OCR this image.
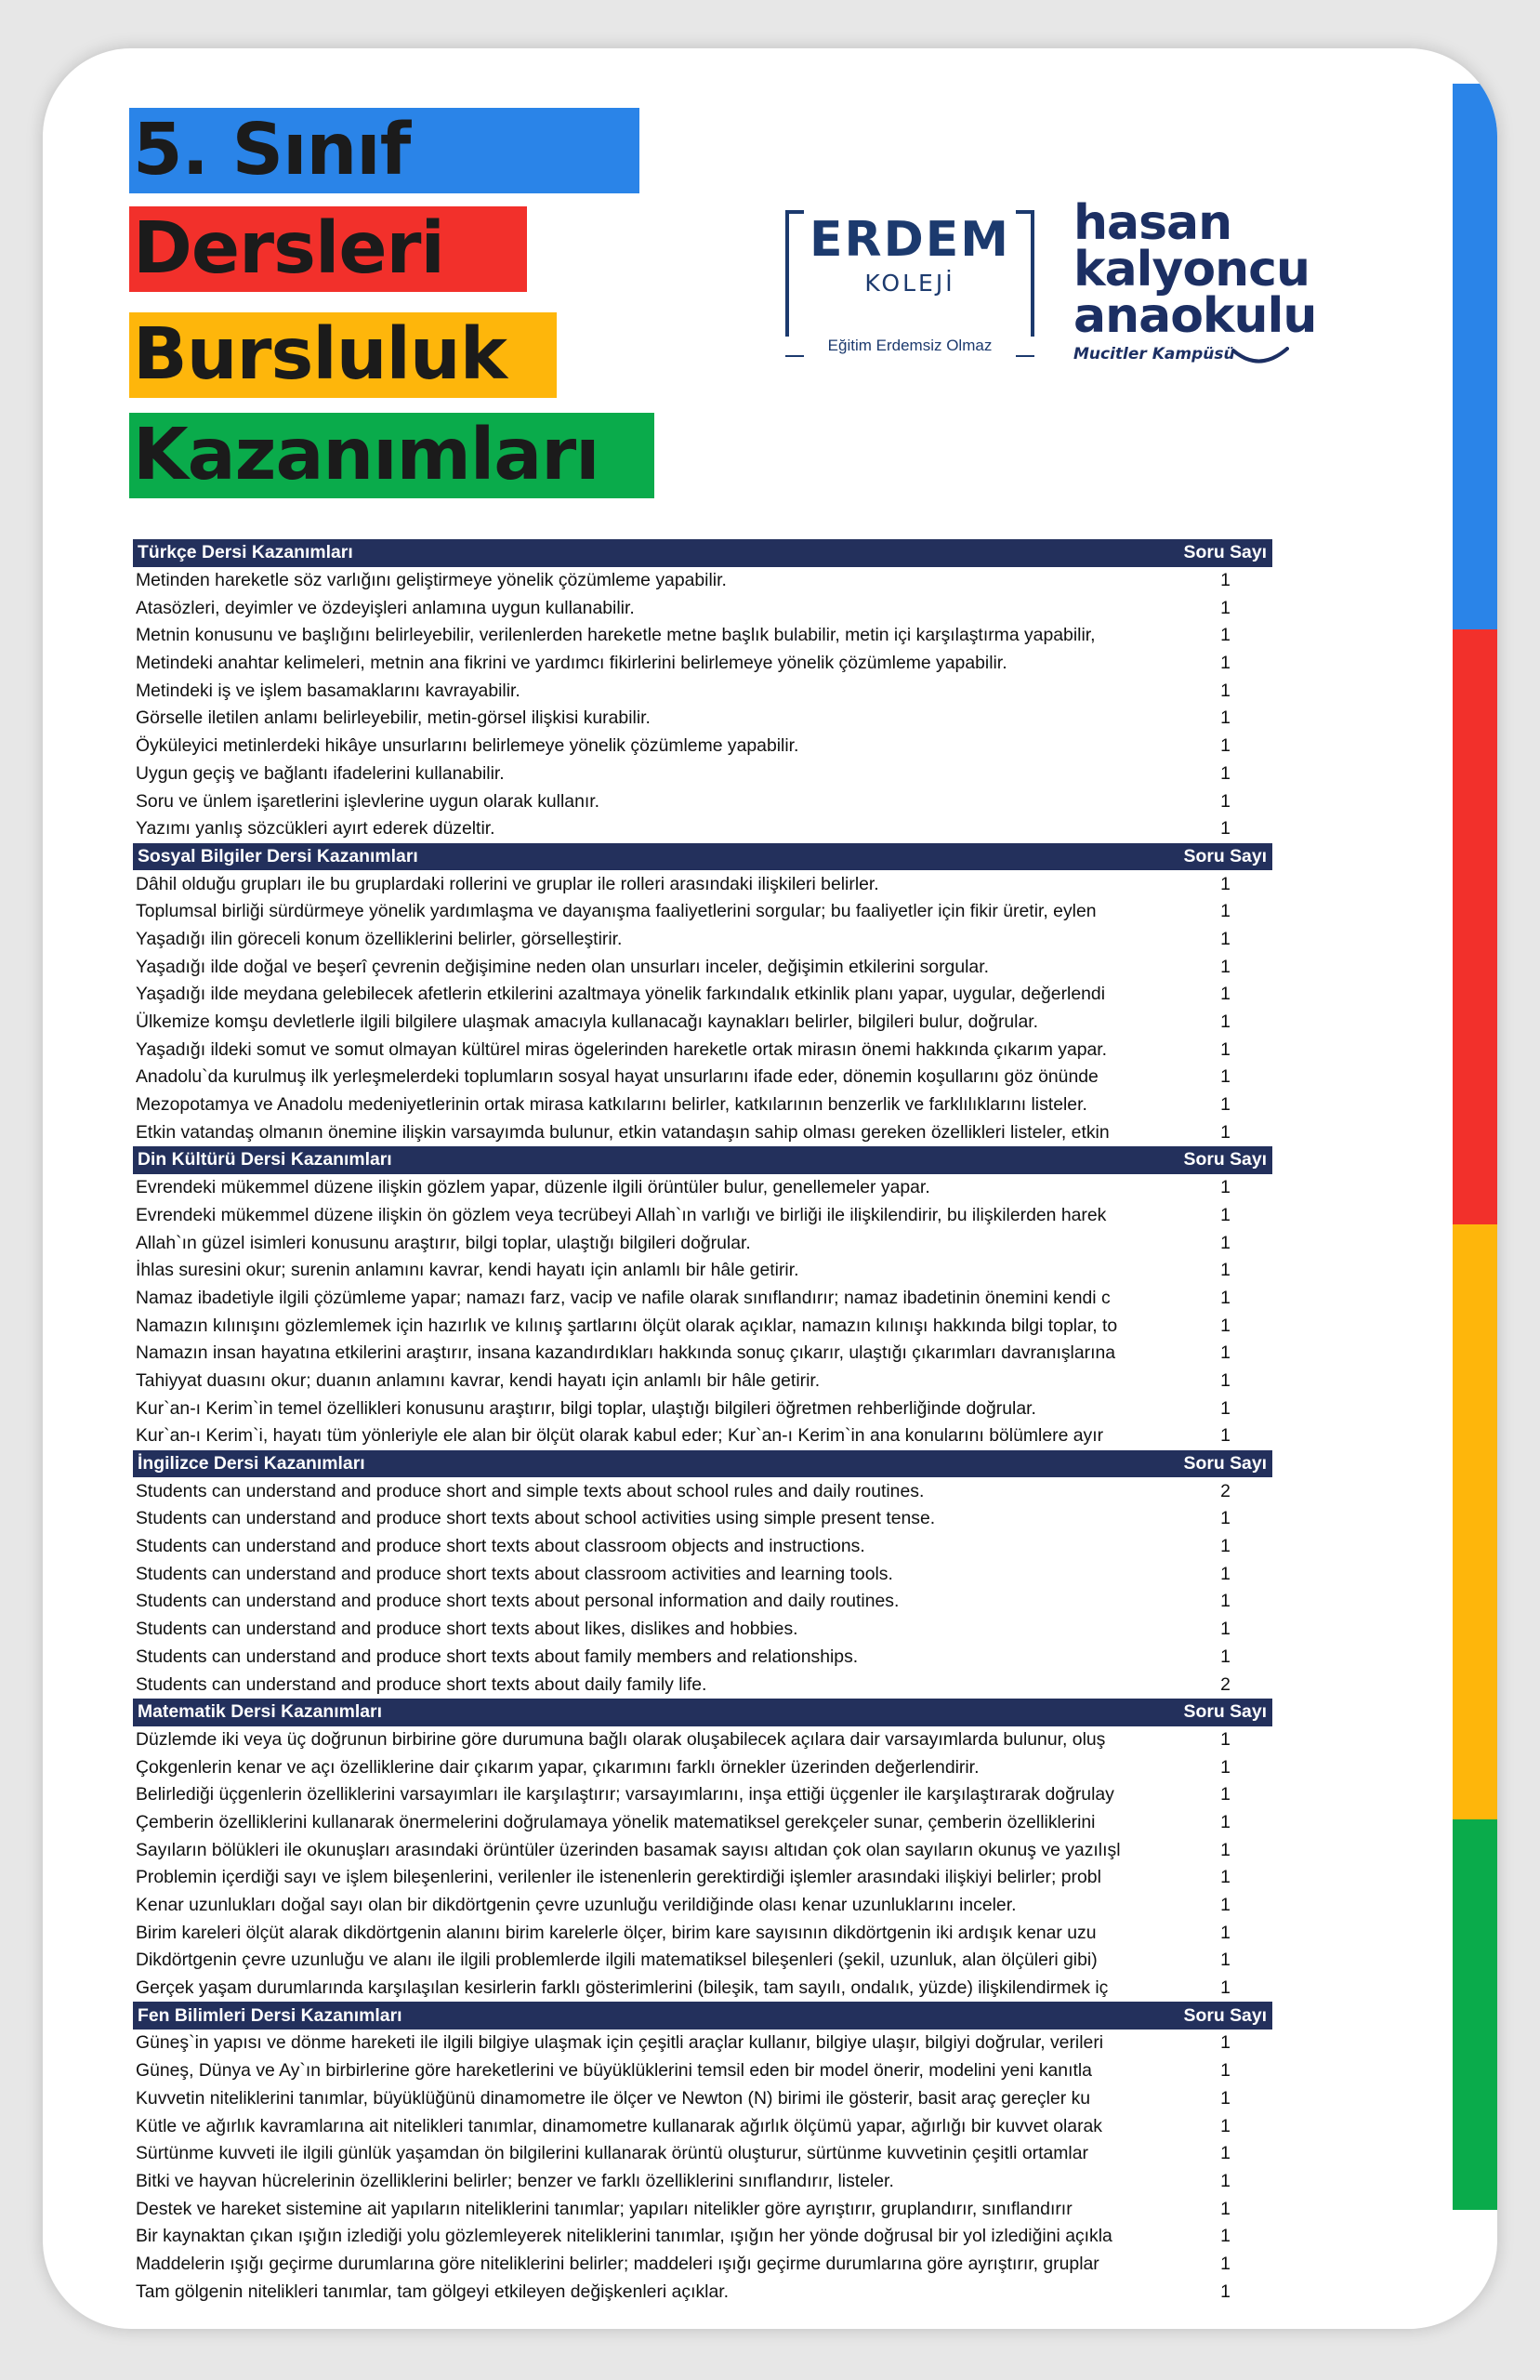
5. Sınıf
Dersleri
Bursluluk
Kazanımları
ERDEM
KOLEJİ
Eğitim Erdemsiz Olmaz
hasan
kalyoncu
anaokulu
Mucitler Kampüsü
Türkçe Dersi Kazanımları	Soru Sayı
Metinden hareketle söz varlığını geliştirmeye yönelik çözümleme yapabilir.	1
Atasözleri, deyimler ve özdeyişleri anlamına uygun kullanabilir.	1
Metnin konusunu ve başlığını belirleyebilir, verilenlerden hareketle metne başlık bulabilir, metin içi karşılaştırma yapabilir,	1
Metindeki anahtar kelimeleri, metnin ana fikrini ve yardımcı fikirlerini belirlemeye yönelik çözümleme yapabilir.	1
Metindeki iş ve işlem basamaklarını kavrayabilir.	1
Görselle iletilen anlamı belirleyebilir, metin-görsel ilişkisi kurabilir.	1
Öyküleyici metinlerdeki hikâye unsurlarını belirlemeye yönelik çözümleme yapabilir.	1
Uygun geçiş ve bağlantı ifadelerini kullanabilir.	1
Soru ve ünlem işaretlerini işlevlerine uygun olarak kullanır.	1
Yazımı yanlış sözcükleri ayırt ederek düzeltir.	1
Sosyal Bilgiler Dersi Kazanımları	Soru Sayı
Dâhil olduğu grupları ile bu gruplardaki rollerini ve gruplar ile rolleri arasındaki ilişkileri belirler.	1
Toplumsal birliği sürdürmeye yönelik yardımlaşma ve dayanışma faaliyetlerini sorgular; bu faaliyetler için fikir üretir, eylen	1
Yaşadığı ilin göreceli konum özelliklerini belirler, görselleştirir.	1
Yaşadığı ilde doğal ve beşerî çevrenin değişimine neden olan unsurları inceler, değişimin etkilerini sorgular.	1
Yaşadığı ilde meydana gelebilecek afetlerin etkilerini azaltmaya yönelik farkındalık etkinlik planı yapar, uygular, değerlendi	1
Ülkemize komşu devletlerle ilgili bilgilere ulaşmak amacıyla kullanacağı kaynakları belirler, bilgileri bulur, doğrular.	1
Yaşadığı ildeki somut ve somut olmayan kültürel miras ögelerinden hareketle ortak mirasın önemi hakkında çıkarım yapar.	1
Anadolu`da kurulmuş ilk yerleşmelerdeki toplumların sosyal hayat unsurlarını ifade eder, dönemin koşullarını göz önünde	1
Mezopotamya ve Anadolu medeniyetlerinin ortak mirasa katkılarını belirler, katkılarının benzerlik ve farklılıklarını listeler.	1
Etkin vatandaş olmanın önemine ilişkin varsayımda bulunur, etkin vatandaşın sahip olması gereken özellikleri listeler, etkin	1
Din Kültürü Dersi Kazanımları	Soru Sayı
Evrendeki mükemmel düzene ilişkin gözlem yapar, düzenle ilgili örüntüler bulur, genellemeler yapar.	1
Evrendeki mükemmel düzene ilişkin ön gözlem veya tecrübeyi Allah`ın varlığı ve birliği ile ilişkilendirir, bu ilişkilerden harek	1
Allah`ın güzel isimleri konusunu araştırır, bilgi toplar, ulaştığı bilgileri doğrular.	1
İhlas suresini okur; surenin anlamını kavrar, kendi hayatı için anlamlı bir hâle getirir.	1
Namaz ibadetiyle ilgili çözümleme yapar; namazı farz, vacip ve nafile olarak sınıflandırır; namaz ibadetinin önemini kendi c	1
Namazın kılınışını gözlemlemek için hazırlık ve kılınış şartlarını ölçüt olarak açıklar, namazın kılınışı hakkında bilgi toplar, to	1
Namazın insan hayatına etkilerini araştırır, insana kazandırdıkları hakkında sonuç çıkarır, ulaştığı çıkarımları davranışlarına	1
Tahiyyat duasını okur; duanın anlamını kavrar, kendi hayatı için anlamlı bir hâle getirir.	1
Kur`an-ı Kerim`in temel özellikleri konusunu araştırır, bilgi toplar, ulaştığı bilgileri öğretmen rehberliğinde doğrular.	1
Kur`an-ı Kerim`i, hayatı tüm yönleriyle ele alan bir ölçüt olarak kabul eder; Kur`an-ı Kerim`in ana konularını bölümlere ayır	1
İngilizce Dersi Kazanımları	Soru Sayı
Students can understand and produce short and simple texts about school rules and daily routines.	2
Students can understand and produce short texts about school activities using simple present tense.	1
Students can understand and produce short texts about classroom objects and instructions.	1
Students can understand and produce short texts about classroom activities and learning tools.	1
Students can understand and produce short texts about personal information and daily routines.	1
Students can understand and produce short texts about likes, dislikes and hobbies.	1
Students can understand and produce short texts about family members and relationships.	1
Students can understand and produce short texts about daily family life.	2
Matematik Dersi Kazanımları	Soru Sayı
Düzlemde iki veya üç doğrunun birbirine göre durumuna bağlı olarak oluşabilecek açılara dair varsayımlarda bulunur, oluş	1
Çokgenlerin kenar ve açı özelliklerine dair çıkarım yapar, çıkarımını farklı örnekler üzerinden değerlendirir.	1
Belirlediği üçgenlerin özelliklerini varsayımları ile karşılaştırır; varsayımlarını, inşa ettiği üçgenler ile karşılaştırarak doğrulay	1
Çemberin özelliklerini kullanarak önermelerini doğrulamaya yönelik matematiksel gerekçeler sunar, çemberin özelliklerini	1
Sayıların bölükleri ile okunuşları arasındaki örüntüler üzerinden basamak sayısı altıdan çok olan sayıların okunuş ve yazılışl	1
Problemin içerdiği sayı ve işlem bileşenlerini, verilenler ile istenenlerin gerektirdiği işlemler arasındaki ilişkiyi belirler; probl	1
Kenar uzunlukları doğal sayı olan bir dikdörtgenin çevre uzunluğu verildiğinde olası kenar uzunluklarını inceler.	1
Birim kareleri ölçüt alarak dikdörtgenin alanını birim karelerle ölçer, birim kare sayısının dikdörtgenin iki ardışık kenar uzu	1
Dikdörtgenin çevre uzunluğu ve alanı ile ilgili problemlerde ilgili matematiksel bileşenleri (şekil, uzunluk, alan ölçüleri gibi)	1
Gerçek yaşam durumlarında karşılaşılan kesirlerin farklı gösterimlerini (bileşik, tam sayılı, ondalık, yüzde) ilişkilendirmek iç	1
Fen Bilimleri Dersi Kazanımları	Soru Sayı
Güneş`in yapısı ve dönme hareketi ile ilgili bilgiye ulaşmak için çeşitli araçlar kullanır, bilgiye ulaşır, bilgiyi doğrular, verileri	1
Güneş, Dünya ve Ay`ın birbirlerine göre hareketlerini ve büyüklüklerini temsil eden bir model önerir, modelini yeni kanıtla	1
Kuvvetin niteliklerini tanımlar, büyüklüğünü dinamometre ile ölçer ve Newton (N) birimi ile gösterir, basit araç gereçler ku	1
Kütle ve ağırlık kavramlarına ait nitelikleri tanımlar, dinamometre kullanarak ağırlık ölçümü yapar, ağırlığı bir kuvvet olarak	1
Sürtünme kuvveti ile ilgili günlük yaşamdan ön bilgilerini kullanarak örüntü oluşturur, sürtünme kuvvetinin çeşitli ortamlar	1
Bitki ve hayvan hücrelerinin özelliklerini belirler; benzer ve farklı özelliklerini sınıflandırır, listeler.	1
Destek ve hareket sistemine ait yapıların niteliklerini tanımlar; yapıları nitelikler göre ayrıştırır, gruplandırır, sınıflandırır	1
Bir kaynaktan çıkan ışığın izlediği yolu gözlemleyerek niteliklerini tanımlar, ışığın her yönde doğrusal bir yol izlediğini açıkla	1
Maddelerin ışığı geçirme durumlarına göre niteliklerini belirler; maddeleri ışığı geçirme durumlarına göre ayrıştırır, gruplar	1
Tam gölgenin nitelikleri tanımlar, tam gölgeyi etkileyen değişkenleri açıklar.	1
